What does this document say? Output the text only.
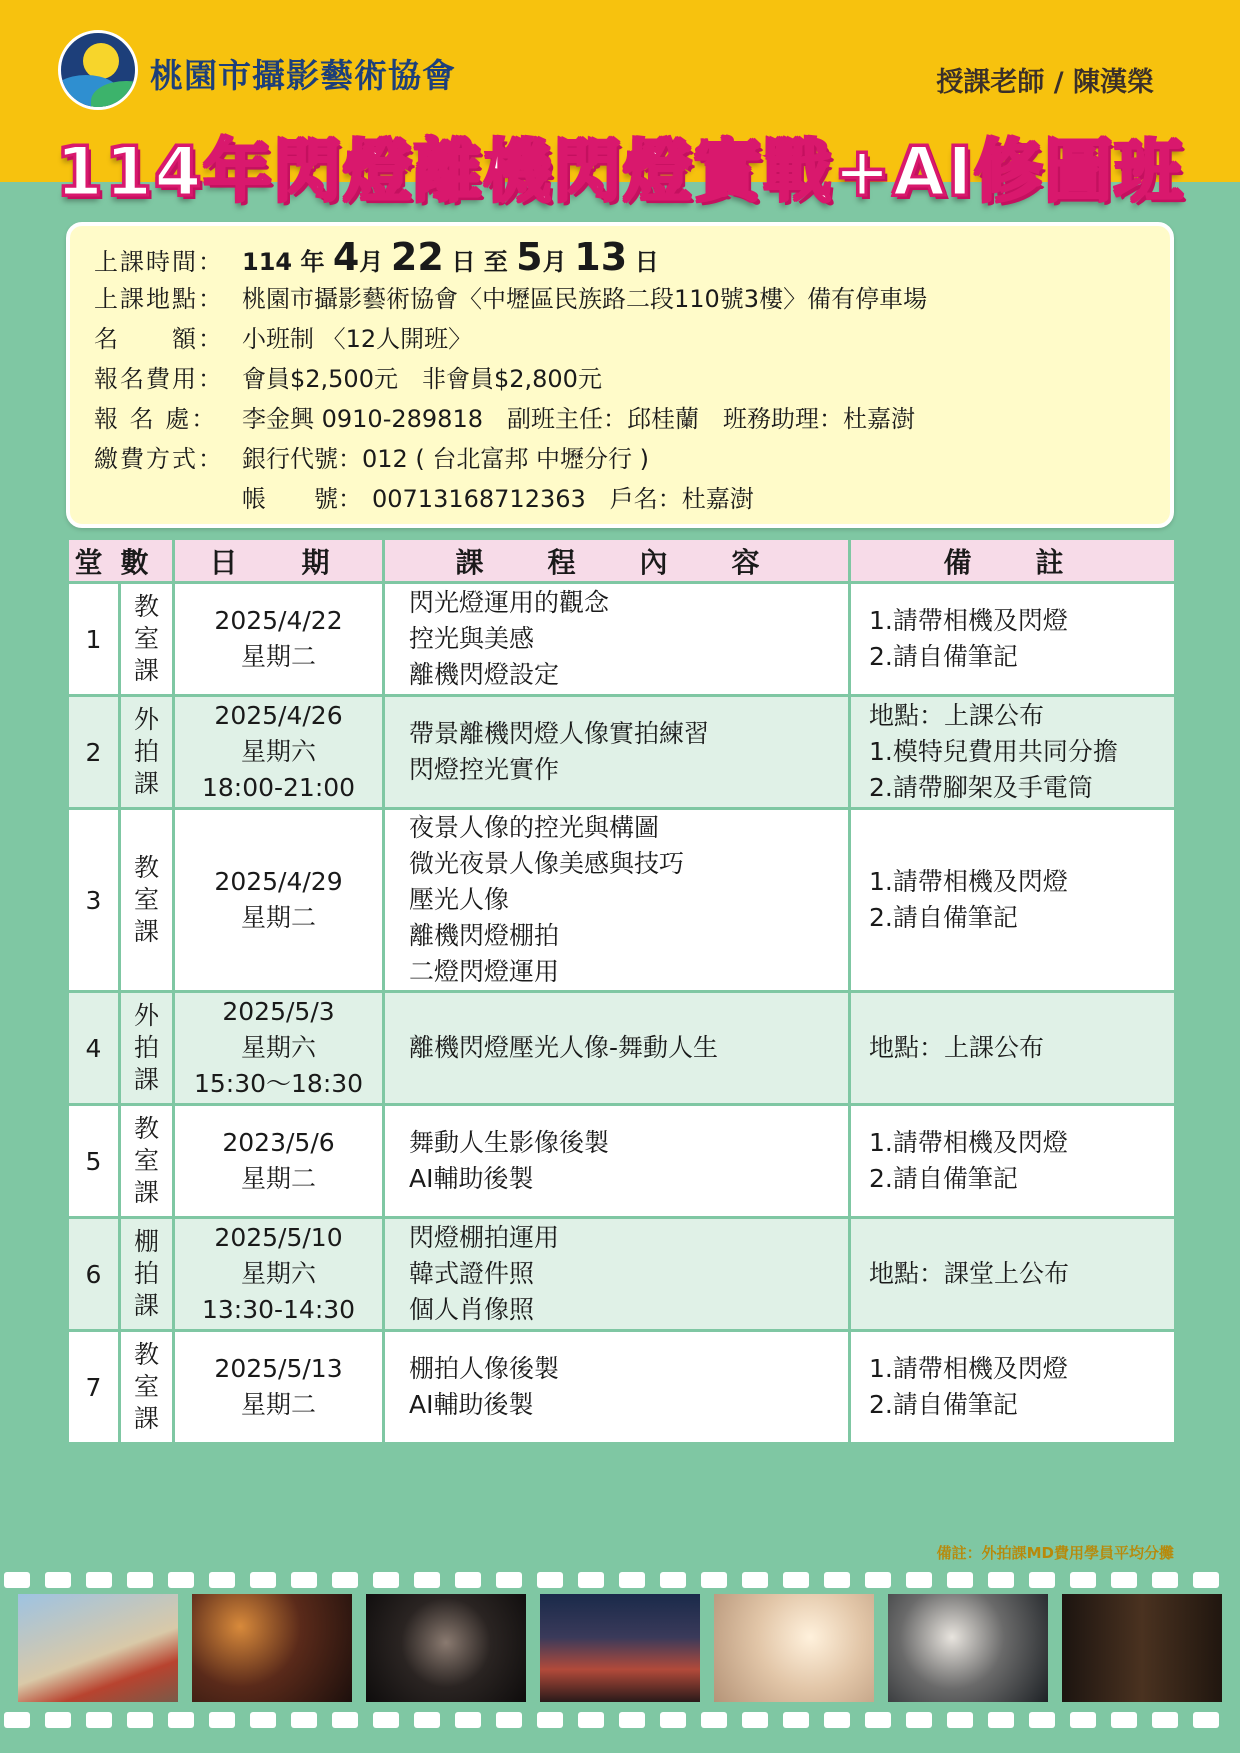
桃園市攝影藝術協會	授課老師 / 陳漢榮
114年閃燈離機閃燈實戰+AI修圖班
上課時間： 114 年 4月 22 日 至 5月 13 日
上課地點： 桃園市攝影藝術協會〈中壢區民族路二段110號3樓〉備有停車場
名　　額： 小班制 〈12人開班〉
報名費用： 會員$2,500元　非會員$2,800元
報 名 處： 李金興 0910-289818　副班主任：邱桂蘭　班務助理：杜嘉澍
繳費方式： 銀行代號：012 ( 台北富邦 中壢分行 )
帳　　號： 00713168712363　戶名：杜嘉澍
堂數		日　期	課　程　內　容	備　註
1	教
室
課	2025/4/22
星期二	閃光燈運用的觀念
控光與美感
離機閃燈設定	1.請帶相機及閃燈
2.請自備筆記

2	外
拍
課	2025/4/26
星期六
18:00-21:00	帶景離機閃燈人像實拍練習
閃燈控光實作	地點：上課公布
1.模特兒費用共同分擔
2.請帶腳架及手電筒

3	教
室
課	2025/4/29
星期二	夜景人像的控光與構圖
微光夜景人像美感與技巧
壓光人像
離機閃燈棚拍
二燈閃燈運用	1.請帶相機及閃燈
2.請自備筆記

4	外
拍
課	2025/5/3
星期六
15:30～18:30	離機閃燈壓光人像-舞動人生	地點：上課公布

5	教
室
課	2023/5/6
星期二	舞動人生影像後製
AI輔助後製	1.請帶相機及閃燈
2.請自備筆記

6	棚
拍
課	2025/5/10
星期六
13:30-14:30	閃燈棚拍運用
韓式證件照
個人肖像照	地點：課堂上公布

7	教
室
課	2025/5/13
星期二	棚拍人像後製
AI輔助後製	1.請帶相機及閃燈
2.請自備筆記
備註：外拍課MD費用學員平均分攤
